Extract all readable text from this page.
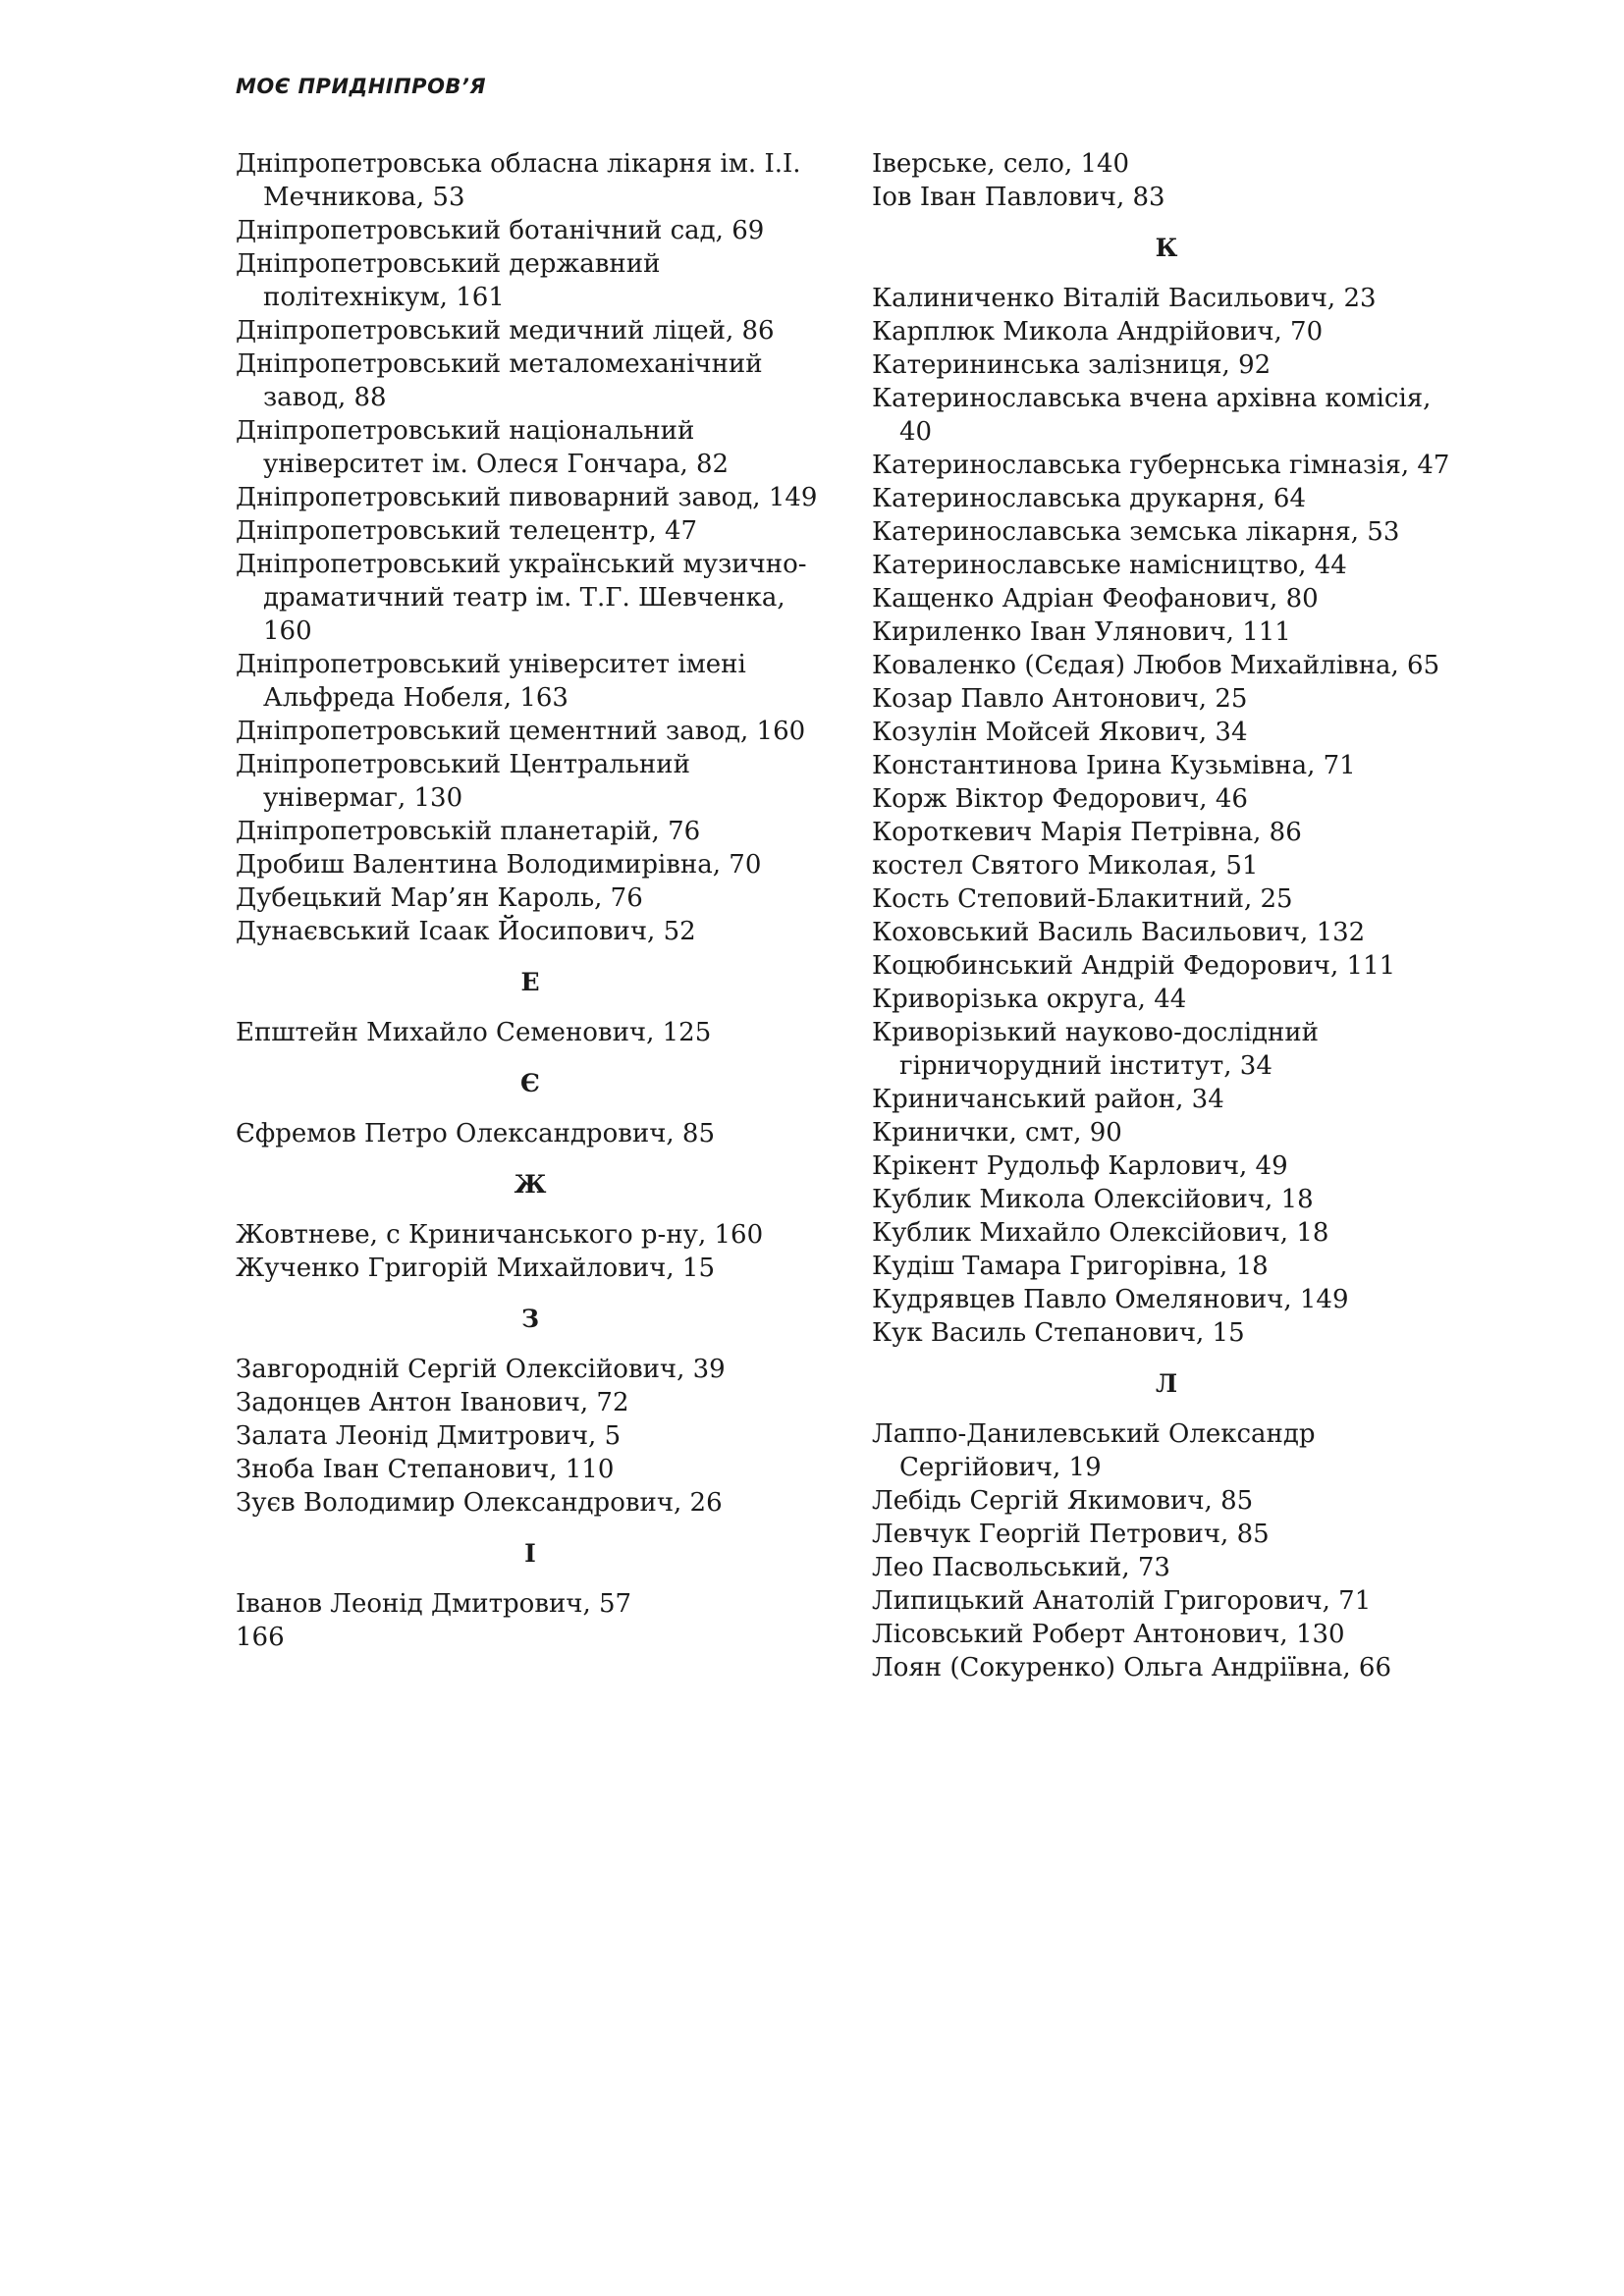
МОЄ ПРИДНІПРОВ’Я
Дніпропетровська обласна лікарня ім. І.І. Мечникова, 53
Дніпропетровський ботанічний сад, 69
Дніпропетровський державний політехнікум, 161
Дніпропетровський медичний ліцей, 86
Дніпропетровський металомеханічний завод, 88
Дніпропетровський національний університет ім. Олеся Гончара, 82
Дніпропетровський пивоварний завод, 149
Дніпропетровський телецентр, 47
Дніпропетровський український музично-драматичний театр ім. Т.Г. Шевченка, 160
Дніпропетровський університет імені Альфреда Нобеля, 163
Дніпропетровський цементний завод, 160
Дніпропетровський Центральний універмаг, 130
Дніпропетровській планетарій, 76
Дробиш Валентина Володимирівна, 70
Дубецький Мар’ян Кароль, 76
Дунаєвський Ісаак Йосипович, 52
Е
Епштейн Михайло Семенович, 125
Є
Єфремов Петро Олександрович, 85
Ж
Жовтневе, с Криничанського р-ну, 160
Жученко Григорій Михайлович, 15
З
Завгородній Сергій Олексійович, 39
Задонцев Антон Іванович, 72
Залата Леонід Дмитрович, 5
Зноба Іван Степанович, 110
Зуєв Володимир Олександрович, 26
І
Іванов Леонід Дмитрович, 57
166
Іверське, село, 140
Іов Іван Павлович, 83
К
Калиниченко Віталій Васильович, 23
Карплюк Микола Андрійович, 70
Катерининська залізниця, 92
Катеринославська вчена архівна комісія, 40
Катеринославська губернська гімназія, 47
Катеринославська друкарня, 64
Катеринославська земська лікарня, 53
Катеринославське намісництво, 44
Кащенко Адріан Феофанович, 80
Кириленко Іван Улянович, 111
Коваленко (Сєдая) Любов Михайлівна, 65
Козар Павло Антонович, 25
Козулін Мойсей Якович, 34
Константинова Ірина Кузьмівна, 71
Корж Віктор Федорович, 46
Короткевич Марія Петрівна, 86
костел Святого Миколая, 51
Кость Степовий-Блакитний, 25
Коховський Василь Васильович, 132
Коцюбинський Андрій Федорович, 111
Криворізька округа, 44
Криворізький науково-дослідний гірничорудний інститут, 34
Криничанський район, 34
Кринички, смт, 90
Крікент Рудольф Карлович, 49
Кублик Микола Олексійович, 18
Кублик Михайло Олексійович, 18
Кудіш Тамара Григорівна, 18
Кудрявцев Павло Омелянович, 149
Кук Василь Степанович, 15
Л
Лаппо-Данилевський Олександр Сергійович, 19
Лебідь Сергій Якимович, 85
Левчук Георгій Петрович, 85
Лео Пасвольський, 73
Липицький Анатолій Григорович, 71
Лісовський Роберт Антонович, 130
Лоян (Сокуренко) Ольга Андріївна, 66
